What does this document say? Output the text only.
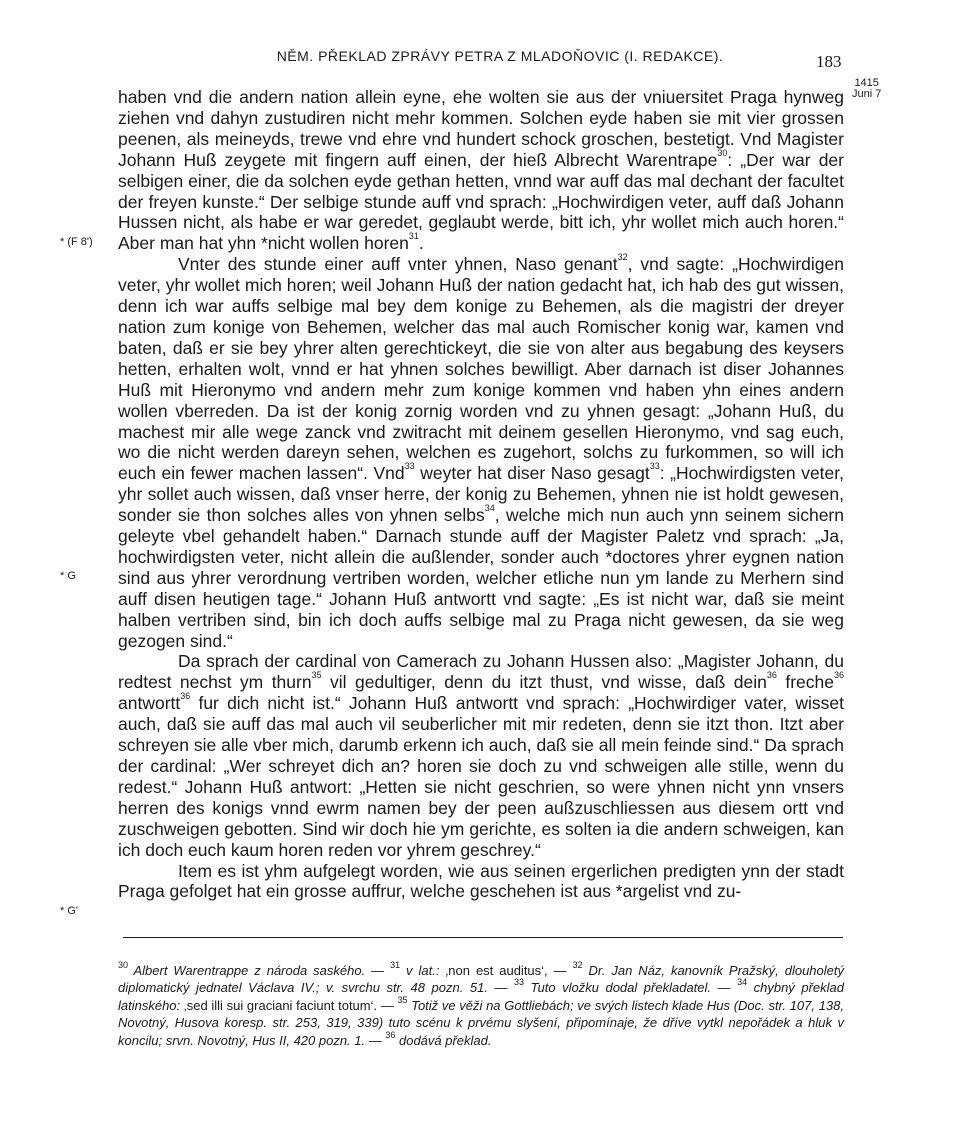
NĚM. PŘEKLAD ZPRÁVY PETRA Z MLADOŇOVIC (I. REDAKCE).	183
1415
Juni 7
* (F 8')
* G
* G'

haben vnd die andern nation allein eyne, ehe wolten sie aus der vniuersitet Praga hynweg ziehen vnd dahyn zustudiren nicht mehr kommen. Solchen eyde haben sie mit vier grossen peenen, als meineyds, trewe vnd ehre vnd hundert schock groschen, bestetigt. Vnd Magister Johann Huß zeygete mit fingern auff einen, der hieß Albrecht Warentrape$^{30}$: „Der war der selbigen einer, die da solchen eyde gethan hetten, vnnd war auff das mal dechant der facultet der freyen kunste.“ Der selbige stunde auff vnd sprach: „Hochwirdigen veter, auff daß Johann Hussen nicht, als habe er war geredet, geglaubt werde, bitt ich, yhr wollet mich auch horen.“ Aber man hat yhn *nicht wollen horen$^{31}$.

Vnter des stunde einer auff vnter yhnen, Naso genant$^{32}$, vnd sagte: „Hochwirdigen veter, yhr wollet mich horen; weil Johann Huß der nation gedacht hat, ich hab des gut wissen, denn ich war auffs selbige mal bey dem konige zu Behemen, als die magistri der dreyer nation zum konige von Behemen, welcher das mal auch Romischer konig war, kamen vnd baten, daß er sie bey yhrer alten gerechtickeyt, die sie von alter aus begabung des keysers hetten, erhalten wolt, vnnd er hat yhnen solches bewilligt. Aber darnach ist diser Johannes Huß mit Hieronymo vnd andern mehr zum konige kommen vnd haben yhn eines andern wollen vberreden. Da ist der konig zornig worden vnd zu yhnen gesagt: „Johann Huß, du machest mir alle wege zanck vnd zwitracht mit deinem gesellen Hieronymo, vnd sag euch, wo die nicht werden dareyn sehen, welchen es zugehort, solchs zu furkommen, so will ich euch ein fewer machen lassen“. Vnd$^{33}$ weyter hat diser Naso gesagt$^{33}$: „Hochwirdigsten veter, yhr sollet auch wissen, daß vnser herre, der konig zu Behemen, yhnen nie ist holdt gewesen, sonder sie thon solches alles von yhnen selbs$^{34}$, welche mich nun auch ynn seinem sichern geleyte vbel gehandelt haben.“ Darnach stunde auff der Magister Paletz vnd sprach: „Ja, hochwirdigsten veter, nicht allein die außlender, sonder auch *doctores yhrer eygnen nation sind aus yhrer verordnung vertriben worden, welcher etliche nun ym lande zu Merhern sind auff disen heutigen tage.“ Johann Huß antwortt vnd sagte: „Es ist nicht war, daß sie meint halben vertriben sind, bin ich doch auffs selbige mal zu Praga nicht gewesen, da sie weg gezogen sind.“

Da sprach der cardinal von Camerach zu Johann Hussen also: „Magister Johann, du redtest nechst ym thurn$^{35}$ vil gedultiger, denn du itzt thust, vnd wisse, daß dein$^{36}$ freche$^{36}$ antwortt$^{36}$ fur dich nicht ist.“ Johann Huß antwortt vnd sprach: „Hochwirdiger vater, wisset auch, daß sie auff das mal auch vil seuberlicher mit mir redeten, denn sie itzt thon. Itzt aber schreyen sie alle vber mich, darumb erkenn ich auch, daß sie all mein feinde sind.“ Da sprach der cardinal: „Wer schreyet dich an? horen sie doch zu vnd schweigen alle stille, wenn du redest.“ Johann Huß antwort: „Hetten sie nicht geschrien, so were yhnen nicht ynn vnsers herren des konigs vnnd ewrm namen bey der peen außzuschliessen aus diesem ortt vnd zuschweigen gebotten. Sind wir doch hie ym gerichte, es solten ia die andern schweigen, kan ich doch euch kaum horen reden vor yhrem geschrey.“

Item es ist yhm aufgelegt worden, wie aus seinen ergerlichen predigten ynn der stadt Praga gefolget hat ein grosse auffrur, welche geschehen ist aus *argelist vnd zu-

$^{30}$ Albert Warentrappe z národa saského. — $^{31}$ v lat.: ‚non est auditus‘, — $^{32}$ Dr. Jan Náz, kanovník Pražský, dlouholetý diplomatický jednatel Václava IV.; v. svrchu str. 48 pozn. 51. — $^{33}$ Tuto vložku dodal překladatel. — $^{34}$ chybný překlad latinského: ‚sed illi sui graciani faciunt totum‘. — $^{35}$ Totiž ve věži na Gottliebách; ve svých listech klade Hus (Doc. str. 107, 138, Novotný, Husova koresp. str. 253, 319, 339) tuto scénu k prvému slyšení, připomínaje, že dříve vytkl nepořádek a hluk v koncilu; srvn. Novotný, Hus II, 420 pozn. 1. — $^{36}$ dodává překlad.
